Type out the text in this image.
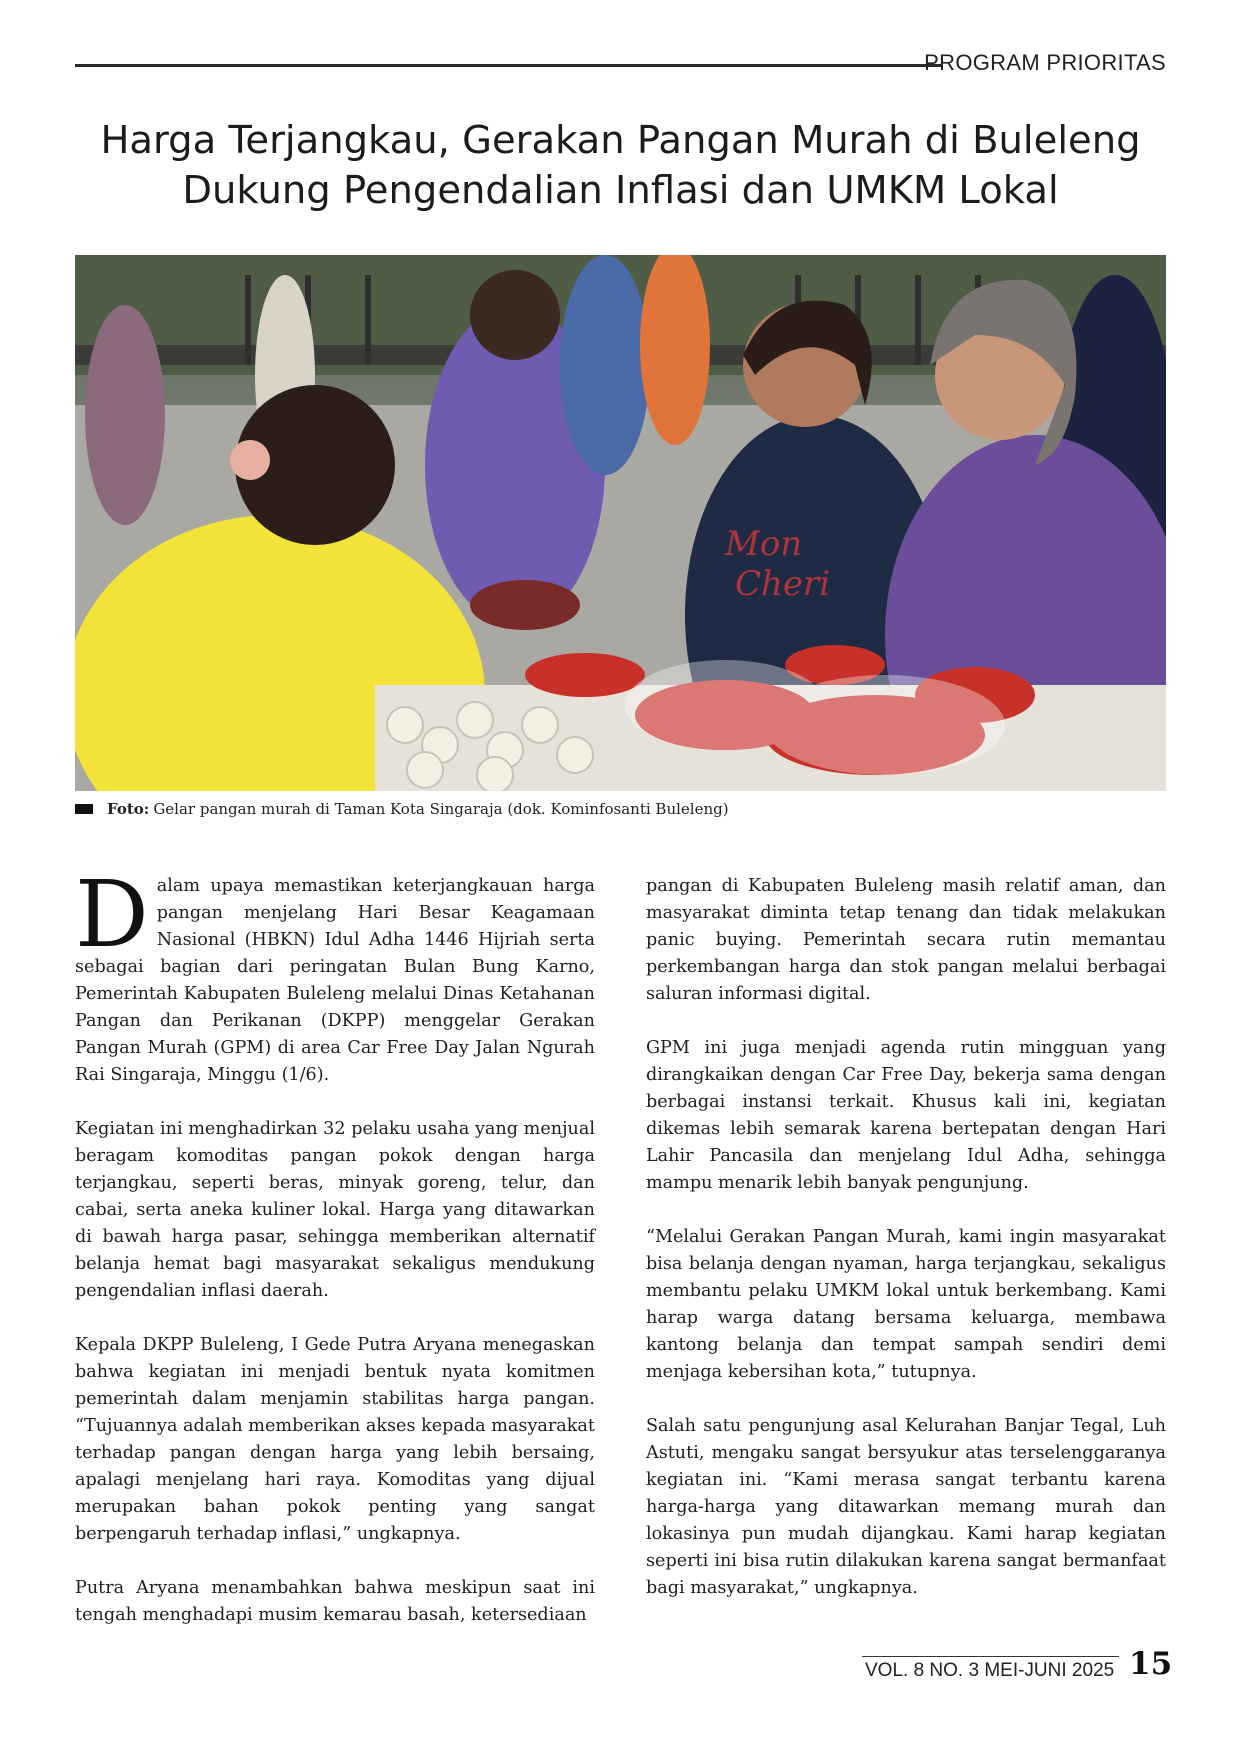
PROGRAM PRIORITAS
Harga Terjangkau, Gerakan Pangan Murah di Buleleng
Dukung Pengendalian Inflasi dan UMKM Lokal
Mon
Cheri
Foto: Gelar pangan murah di Taman Kota Singaraja (dok. Kominfosanti Buleleng)

Dalam upaya memastikan keterjangkauan harga pangan menjelang Hari Besar Keagamaan Nasional (HBKN) Idul Adha 1446 Hijriah serta sebagai bagian dari peringatan Bulan Bung Karno, Pemerintah Kabupaten Buleleng melalui Dinas Ketahanan Pangan dan Perikanan (DKPP) menggelar Gerakan Pangan Murah (GPM) di area Car Free Day Jalan Ngurah Rai Singaraja, Minggu (1/6).

Kegiatan ini menghadirkan 32 pelaku usaha yang menjual beragam komoditas pangan pokok dengan harga terjangkau, seperti beras, minyak goreng, telur, dan cabai, serta aneka kuliner lokal. Harga yang ditawarkan di bawah harga pasar, sehingga memberikan alternatif belanja hemat bagi masyarakat sekaligus mendukung pengendalian inflasi daerah.

Kepala DKPP Buleleng, I Gede Putra Aryana menegaskan bahwa kegiatan ini menjadi bentuk nyata komitmen pemerintah dalam menjamin stabilitas harga pangan. “Tujuannya adalah memberikan akses kepada masyarakat terhadap pangan dengan harga yang lebih bersaing, apalagi menjelang hari raya. Komoditas yang dijual merupakan bahan pokok penting yang sangat berpengaruh terhadap inflasi,” ungkapnya.

Putra Aryana menambahkan bahwa meskipun saat ini tengah menghadapi musim kemarau basah, ketersediaan

pangan di Kabupaten Buleleng masih relatif aman, dan masyarakat diminta tetap tenang dan tidak melakukan panic buying. Pemerintah secara rutin memantau perkembangan harga dan stok pangan melalui berbagai saluran informasi digital.

GPM ini juga menjadi agenda rutin mingguan yang dirangkaikan dengan Car Free Day, bekerja sama dengan berbagai instansi terkait. Khusus kali ini, kegiatan dikemas lebih semarak karena bertepatan dengan Hari Lahir Pancasila dan menjelang Idul Adha, sehingga mampu menarik lebih banyak pengunjung.

“Melalui Gerakan Pangan Murah, kami ingin masyarakat bisa belanja dengan nyaman, harga terjangkau, sekaligus membantu pelaku UMKM lokal untuk berkembang. Kami harap warga datang bersama keluarga, membawa kantong belanja dan tempat sampah sendiri demi menjaga kebersihan kota,” tutupnya.

Salah satu pengunjung asal Kelurahan Banjar Tegal, Luh Astuti, mengaku sangat bersyukur atas terselenggaranya kegiatan ini. “Kami merasa sangat terbantu karena harga-harga yang ditawarkan memang murah dan lokasinya pun mudah dijangkau. Kami harap kegiatan seperti ini bisa rutin dilakukan karena sangat bermanfaat bagi masyarakat,” ungkapnya.

VOL. 8 NO. 3 MEI-JUNI 2025 15
